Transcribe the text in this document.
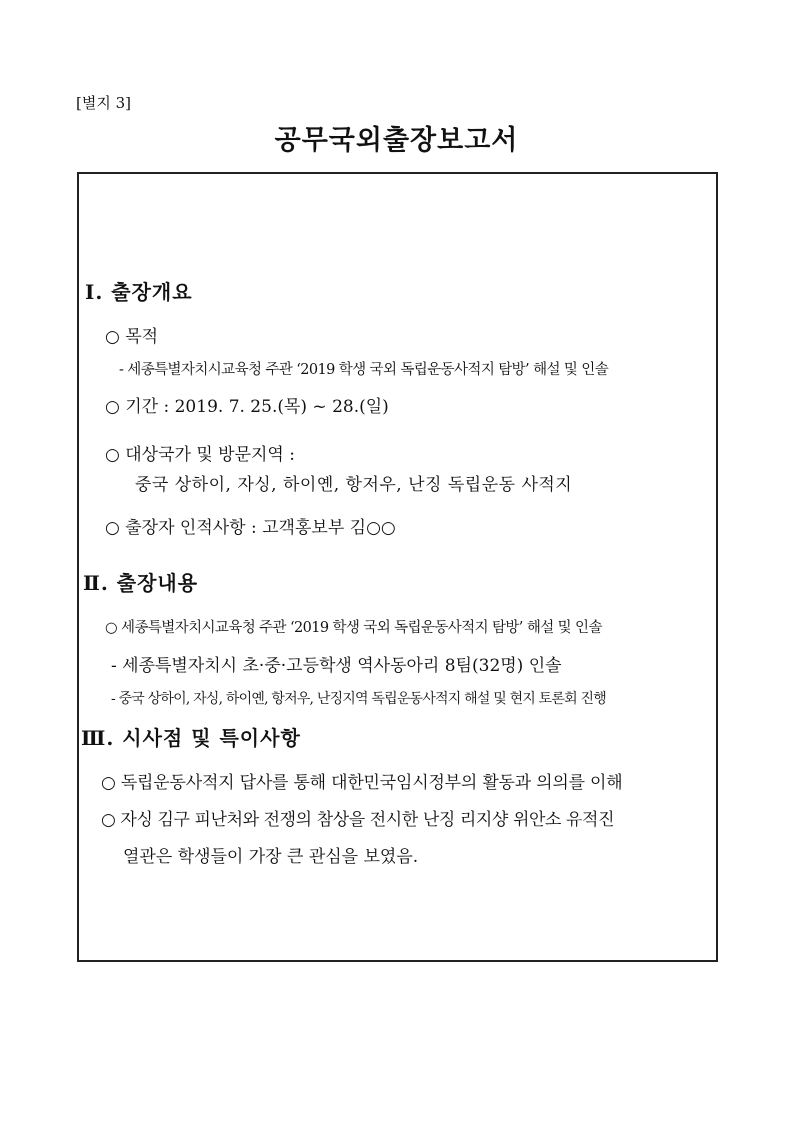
[별지 3]
공무국외출장보고서
Ⅰ. 출장개요
○ 목적
- 세종특별자치시교육청 주관 ‘2019 학생 국외 독립운동사적지 탐방’ 해설 및 인솔
○ 기간 : 2019. 7. 25.(목) ~ 28.(일)
○ 대상국가 및 방문지역 :
중국 상하이, 자싱, 하이옌, 항저우, 난징 독립운동 사적지
○ 출장자 인적사항 : 고객홍보부 김○○
Ⅱ. 출장내용
○ 세종특별자치시교육청 주관 ‘2019 학생 국외 독립운동사적지 탐방’ 해설 및 인솔
- 세종특별자치시 초·중·고등학생 역사동아리 8팀(32명) 인솔
- 중국 상하이, 자싱, 하이옌, 항저우, 난징지역 독립운동사적지 해설 및 현지 토론회 진행
Ⅲ. 시사점 및 특이사항
○ 독립운동사적지 답사를 통해 대한민국임시정부의 활동과 의의를 이해
○ 자싱 김구 피난처와 전쟁의 참상을 전시한 난징 리지샹 위안소 유적진
열관은 학생들이 가장 큰 관심을 보였음.
